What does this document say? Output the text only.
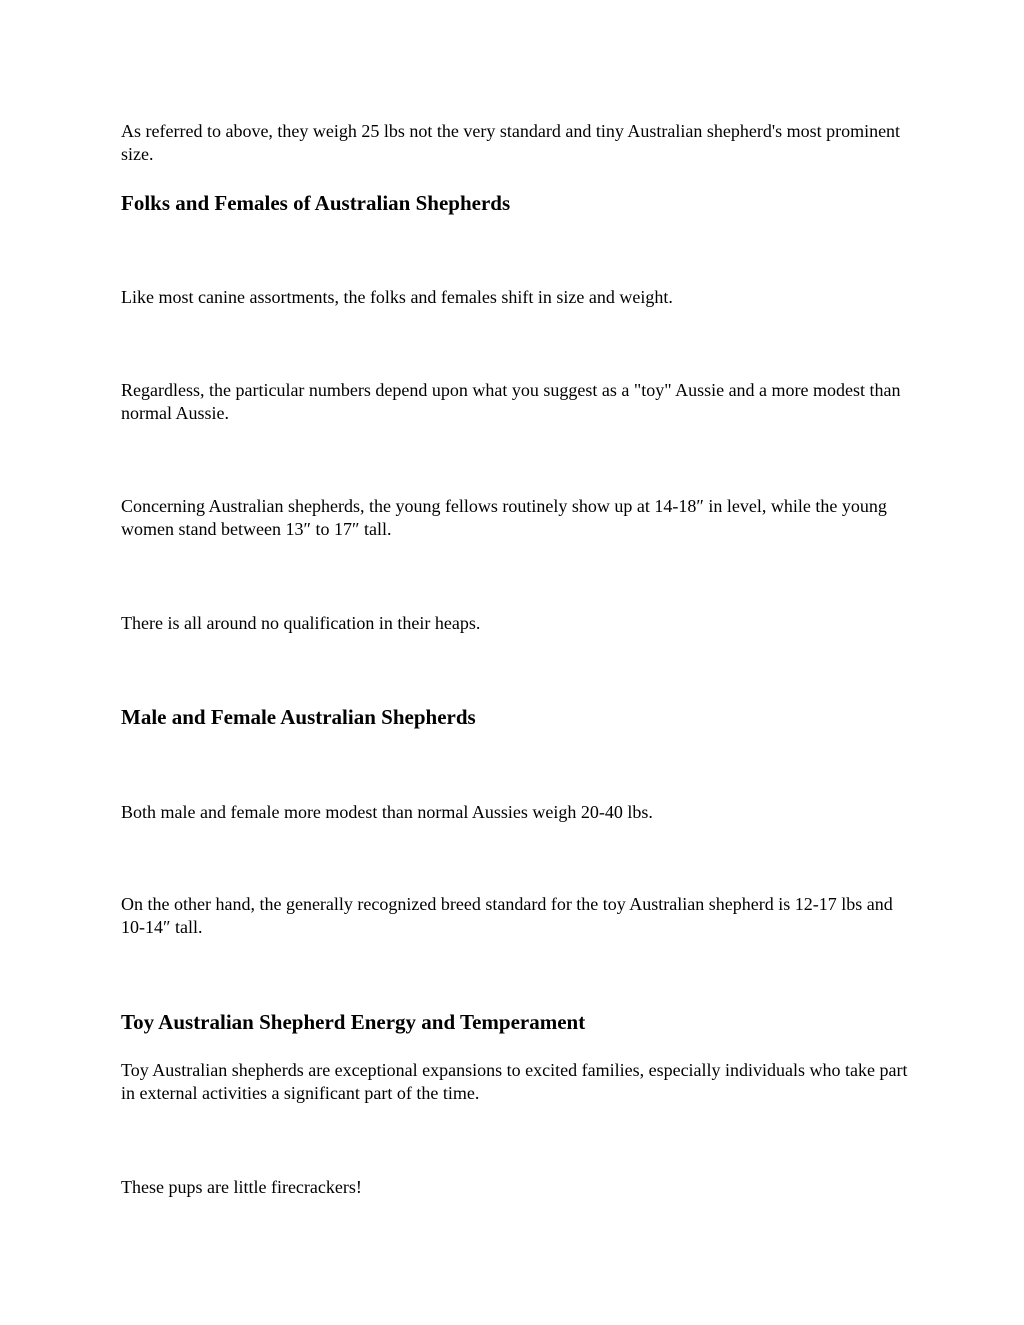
As referred to above, they weigh 25 lbs not the very standard and tiny Australian shepherd's most prominent size.

Folks and Females of Australian Shepherds

Like most canine assortments, the folks and females shift in size and weight.

Regardless, the particular numbers depend upon what you suggest as a "toy" Aussie and a more modest than normal Aussie.

Concerning Australian shepherds, the young fellows routinely show up at 14-18″ in level, while the young women stand between 13″ to 17″ tall.

There is all around no qualification in their heaps.

Male and Female Australian Shepherds

Both male and female more modest than normal Aussies weigh 20-40 lbs.

On the other hand, the generally recognized breed standard for the toy Australian shepherd is 12-17 lbs and 10-14″ tall.

Toy Australian Shepherd Energy and Temperament

Toy Australian shepherds are exceptional expansions to excited families, especially individuals who take part in external activities a significant part of the time.

These pups are little firecrackers!
